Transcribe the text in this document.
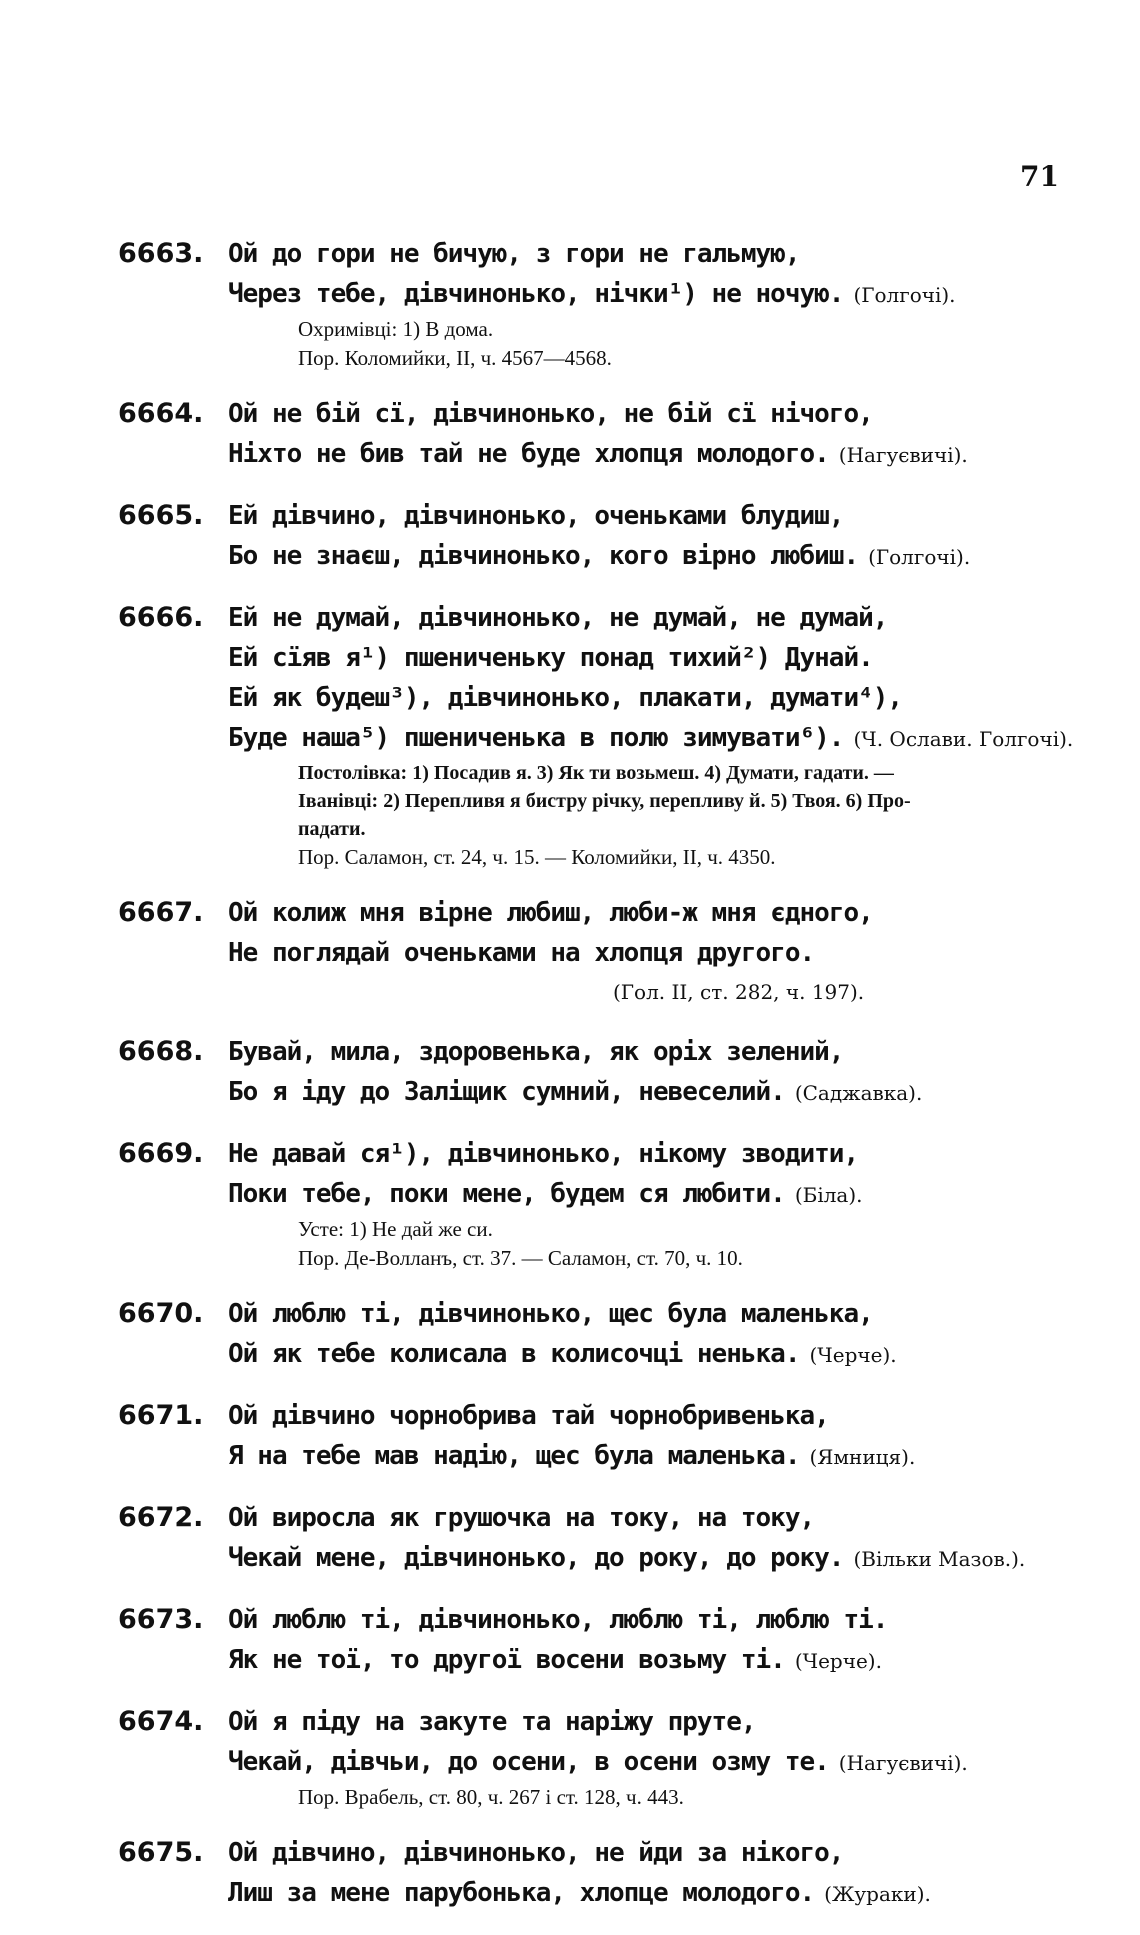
71
6663. Ой до гори не бичую, з гори не гальмую,
Через тебе, дівчинонько, нічки¹) не ночую. (Голгочі).
Охримівці: 1) В дома.
Пор. Коломийки, II, ч. 4567—4568.
6664. Ой не бій сї, дівчинонько, не бій сї нічого,
Ніхто не бив тай не буде хлопця молодого. (Нагуєвичі).
6665. Ей дівчино, дівчинонько, оченьками блудиш,
Бо не знаєш, дівчинонько, кого вірно любиш. (Голгочі).
6666. Ей не думай, дівчинонько, не думай, не думай,
Ей сїяв я¹) пшениченьку понад тихий²) Дунай.
Ей як будеш³), дівчинонько, плакати, думати⁴),
Буде наша⁵) пшениченька в полю зимувати⁶). (Ч. Ослави. Голгочі).
Постолівка: 1) Посадив я. 3) Як ти возьмеш. 4) Думати, гадати. —
Іванівці: 2) Перепливя я бистру річку, перепливу й. 5) Твоя. 6) Про-
падати.
Пор. Саламон, ст. 24, ч. 15. — Коломийки, II, ч. 4350.
6667. Ой колиж мня вірне любиш, люби-ж мня єдного,
Не поглядай оченьками на хлопця другого.
(Гол. II, ст. 282, ч. 197).
6668. Бувай, мила, здоровенька, як оріх зелений,
Бо я іду до Заліщик сумний, невеселий. (Саджавка).
6669. Не давай ся¹), дівчинонько, нікому зводити,
Поки тебе, поки мене, будем ся любити. (Біла).
Усте: 1) Не дай же си.
Пор. Де-Волланъ, ст. 37. — Саламон, ст. 70, ч. 10.
6670. Ой люблю ті, дівчинонько, щес була маленька,
Ой як тебе колисала в колисочці ненька. (Черче).
6671. Ой дівчино чорнобрива тай чорнобривенька,
Я на тебе мав надію, щес була маленька. (Ямниця).
6672. Ой виросла як грушочка на току, на току,
Чекай мене, дівчинонько, до року, до року. (Вільки Мазов.).
6673. Ой люблю ті, дівчинонько, люблю ті, люблю ті.
Як не тої, то другої восени возьму ті. (Черче).
6674. Ой я піду на закуте та наріжу пруте,
Чекай, дівчьи, до осени, в осени озму те. (Нагуєвичі).
Пор. Врабель, ст. 80, ч. 267 і ст. 128, ч. 443.
6675. Ой дівчино, дівчинонько, не йди за нікого,
Лиш за мене парубонька, хлопце молодого. (Жураки).
